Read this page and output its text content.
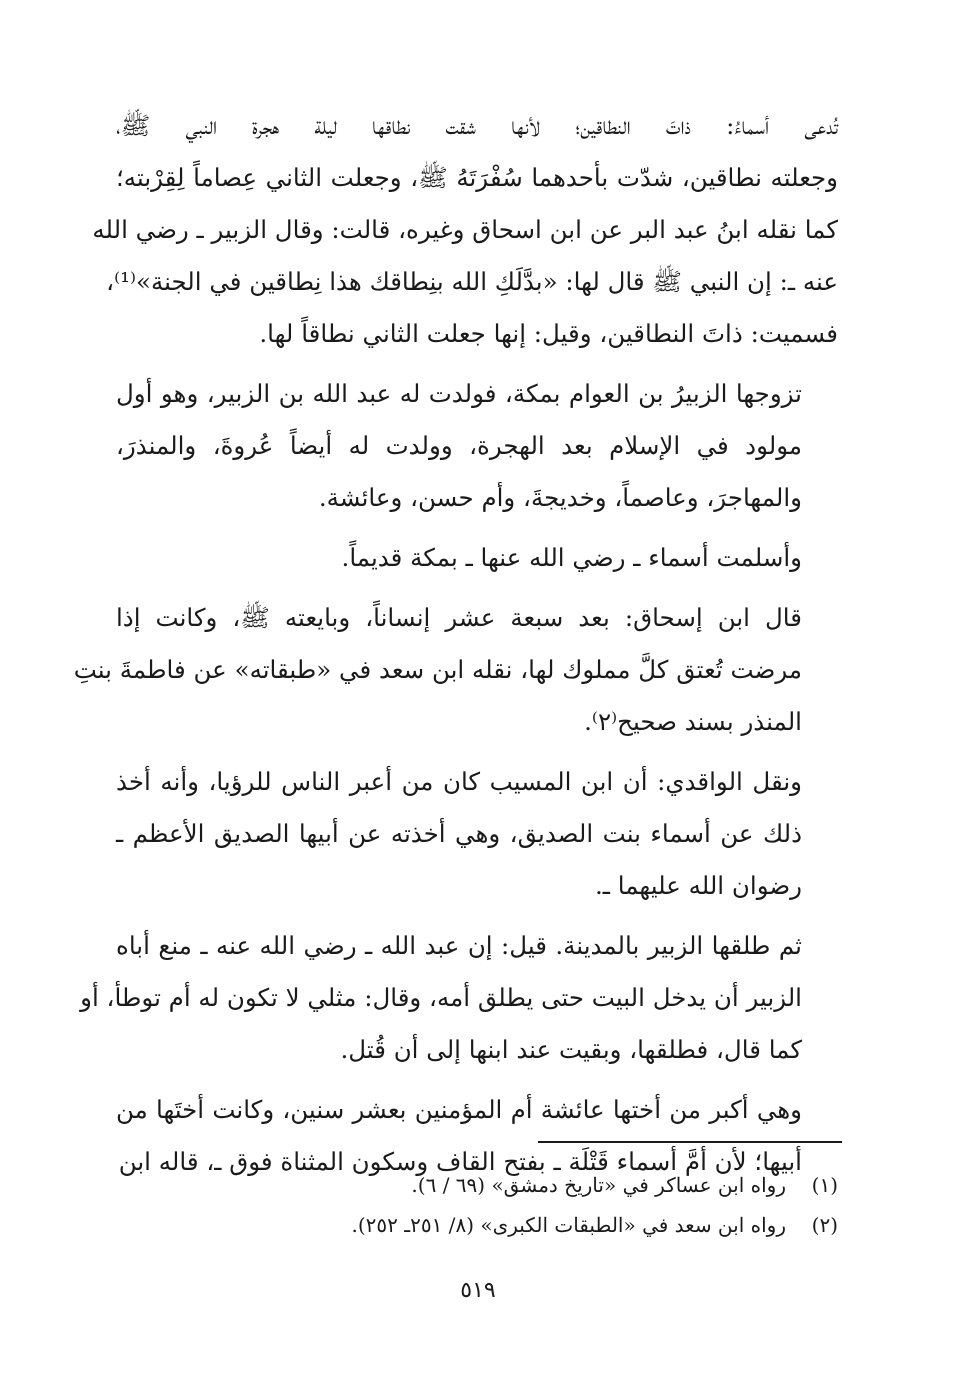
تُدعى أسماءُ: ذاتَ النطاقين؛ لأنها شقت نطاقها ليلة هجرة النبي ﷺ،
وجعلته نطاقين، شدّت بأحدهما سُفْرَتَهُ ﷺ، وجعلت الثاني عِصاماً لِقِرْبته؛
كما نقله ابنُ عبد البر عن ابن اسحاق وغيره، قالت: وقال الزبير ـ رضي الله
عنه ـ: إن النبي ﷺ قال لها: «بدَّلَكِ الله بنِطاقك هذا نِطاقين في الجنة»⁽¹⁾،
فسميت: ذاتَ النطاقين، وقيل: إنها جعلت الثاني نطاقاً لها.
تزوجها الزبيرُ بن العوام بمكة، فولدت له عبد الله بن الزبير، وهو أول
مولود في الإسلام بعد الهجرة، وولدت له أيضاً عُروةَ، والمنذرَ،
والمهاجرَ، وعاصماً، وخديجةَ، وأم حسن، وعائشة.
وأسلمت أسماء ـ رضي الله عنها ـ بمكة قديماً.
قال ابن إسحاق: بعد سبعة عشر إنساناً، وبايعته ﷺ، وكانت إذا
مرضت تُعتق كلَّ مملوك لها، نقله ابن سعد في «طبقاته» عن فاطمةَ بنتِ
المنذر بسند صحيح⁽٢⁾.
ونقل الواقدي: أن ابن المسيب كان من أعبر الناس للرؤيا، وأنه أخذ
ذلك عن أسماء بنت الصديق، وهي أخذته عن أبيها الصديق الأعظم ـ
رضوان الله عليهما ـ.
ثم طلقها الزبير بالمدينة. قيل: إن عبد الله ـ رضي الله عنه ـ منع أباه
الزبير أن يدخل البيت حتى يطلق أمه، وقال: مثلي لا تكون له أم توطأ، أو
كما قال، فطلقها، وبقيت عند ابنها إلى أن قُتل.
وهي أكبر من أختها عائشة أم المؤمنين بعشر سنين، وكانت أختَها من
أبيها؛ لأن أمَّ أسماء قَتْلَة ـ بفتح القاف وسكون المثناة فوق ـ، قاله ابن
(١)
رواه ابن عساكر في «تاريخ دمشق» (٦٩ / ٦).
(٢)
رواه ابن سعد في «الطبقات الكبرى» (٨/ ٢٥١ـ ٢٥٢).
٥١٩
